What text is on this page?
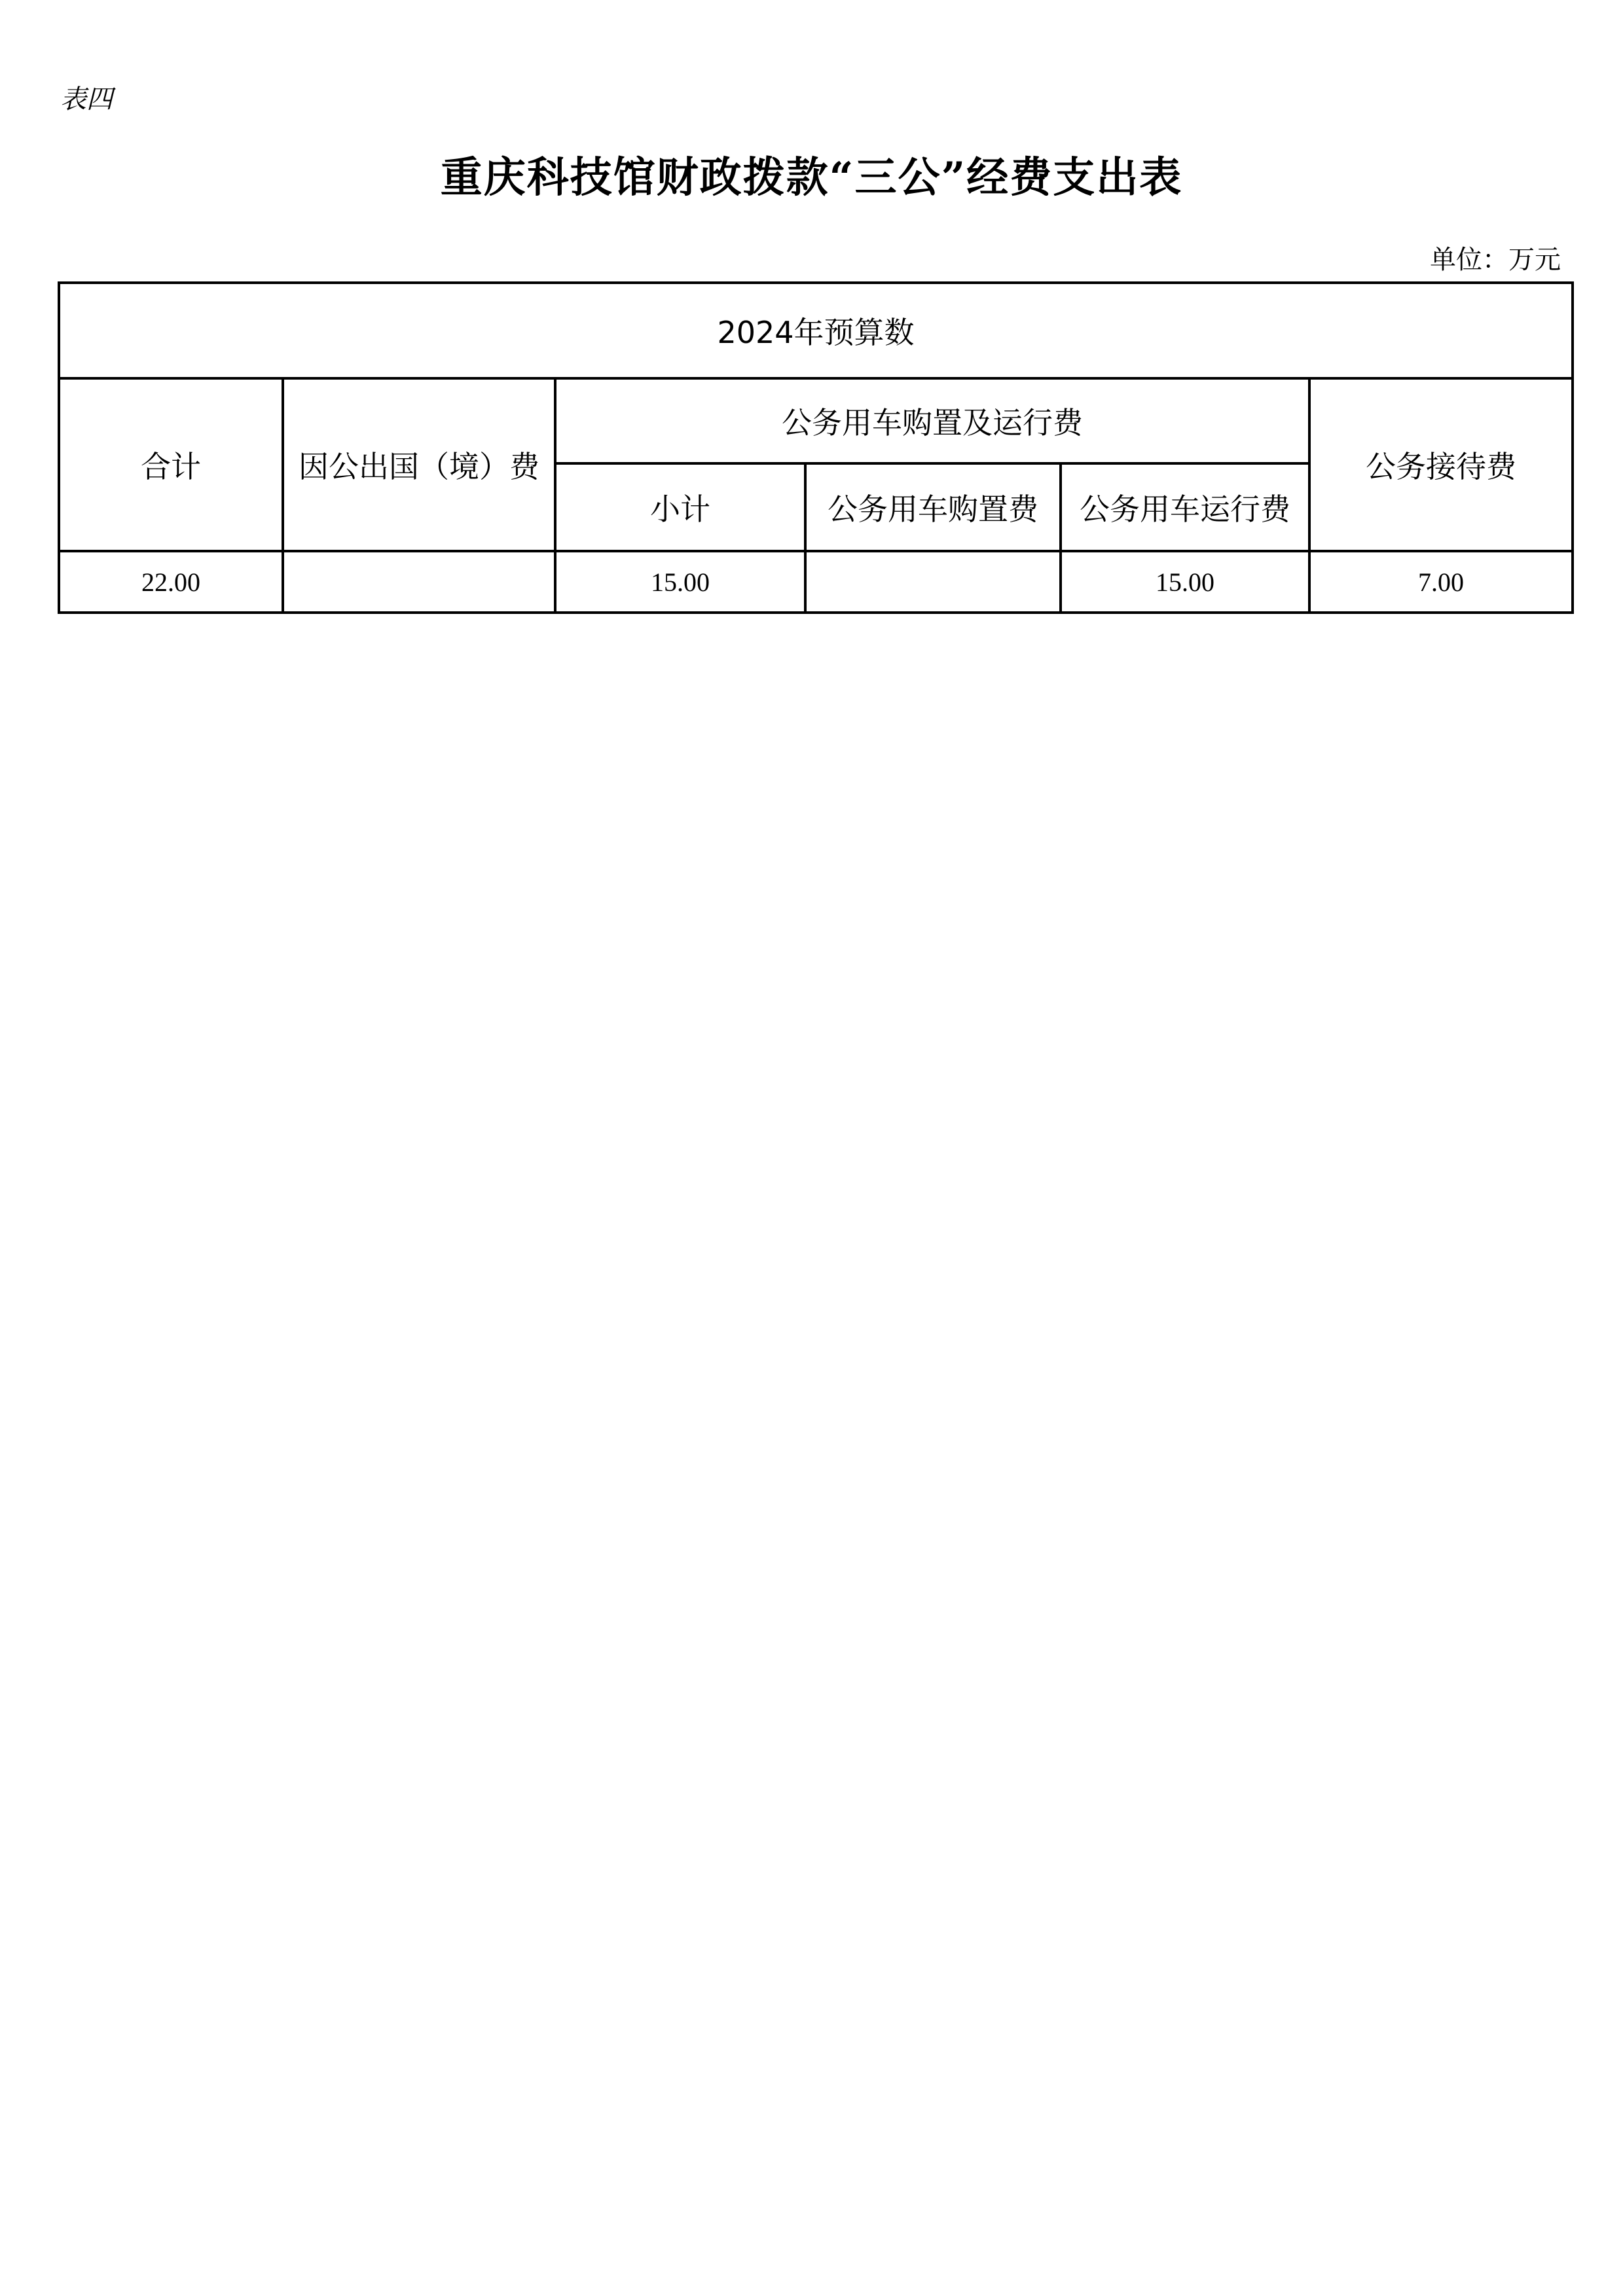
表四
重庆科技馆财政拨款“三公”经费支出表
单位：万元
2024年预算数					
合计	因公出国（境）费	公务用车购置及运行费			公务接待费
		小计	公务用车购置费	公务用车运行费	
22.00		15.00		15.00	7.00
